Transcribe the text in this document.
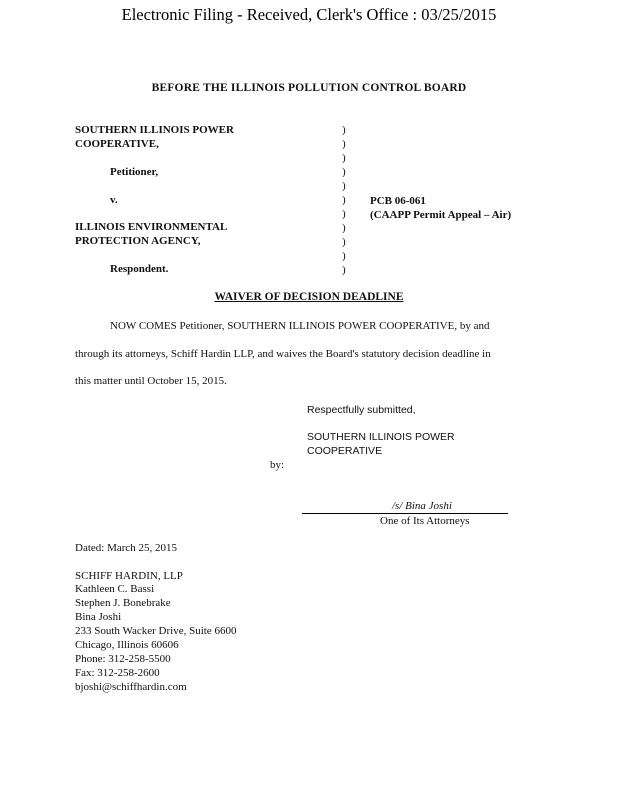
Electronic Filing - Received, Clerk's Office : 03/25/2015
BEFORE THE ILLINOIS POLLUTION CONTROL BOARD
SOUTHERN ILLINOIS POWER
COOPERATIVE,
Petitioner,
v.
ILLINOIS ENVIRONMENTAL
PROTECTION AGENCY,
Respondent.
)
)
)
)
)
)
)
)
)
)
)
PCB 06-061
(CAAPP Permit Appeal – Air)
WAIVER OF DECISION DEADLINE
NOW COMES Petitioner, SOUTHERN ILLINOIS POWER COOPERATIVE, by and
through its attorneys, Schiff Hardin LLP, and waives the Board's statutory decision deadline in
this matter until October 15, 2015.
Respectfully submitted,
SOUTHERN ILLINOIS POWER
COOPERATIVE
by:
/s/ Bina Joshi
One of Its Attorneys
Dated: March 25, 2015
SCHIFF HARDIN, LLP
Kathleen C. Bassi
Stephen J. Bonebrake
Bina Joshi
233 South Wacker Drive, Suite 6600
Chicago, Illinois 60606
Phone: 312-258-5500
Fax: 312-258-2600
bjoshi@schiffhardin.com
